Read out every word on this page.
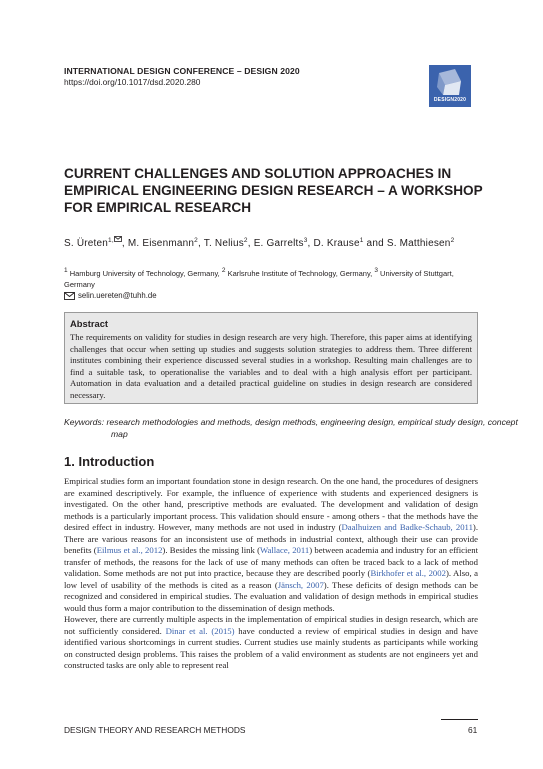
INTERNATIONAL DESIGN CONFERENCE – DESIGN 2020
https://doi.org/10.1017/dsd.2020.280
DESIGN2020
CURRENT CHALLENGES AND SOLUTION APPROACHES IN EMPIRICAL ENGINEERING DESIGN RESEARCH – A WORKSHOP FOR EMPIRICAL RESEARCH
S. Üreten$^{1,}$ , M. Eisenmann$^2$, T. Nelius$^2$, E. Garrelts$^3$, D. Krause$^1$ and S. Matthiesen$^2$
$^1$ Hamburg University of Technology, Germany, $^2$ Karlsruhe Institute of Technology, Germany, $^3$ University of Stuttgart, Germany
selin.uereten@tuhh.de
Abstract
The requirements on validity for studies in design research are very high. Therefore, this paper aims at identifying challenges that occur when setting up studies and suggests solution strategies to address them. Three different institutes combining their experience discussed several studies in a workshop. Resulting main challenges are to find a suitable task, to operationalise the variables and to deal with a high analysis effort per participant. Automation in data evaluation and a detailed practical guideline on studies in design research are considered necessary.
Keywords: research methodologies and methods, design methods, engineering design, empirical study design, concept map
1. Introduction

Empirical studies form an important foundation stone in design research. On the one hand, the procedures of designers are examined descriptively. For example, the influence of experience with students and experienced designers is investigated. On the other hand, prescriptive methods are evaluated. The development and validation of design methods is a particularly important process. This validation should ensure - among others - that the methods have the desired effect in industry. However, many methods are not used in industry (Daalhuizen and Badke-Schaub, 2011). There are various reasons for an inconsistent use of methods in industrial context, although their use can provide benefits (Eilmus et al., 2012). Besides the missing link (Wallace, 2011) between academia and industry for an efficient transfer of methods, the reasons for the lack of use of many methods can often be traced back to a lack of method validation. Some methods are not put into practice, because they are described poorly (Birkhofer et al., 2002). Also, a low level of usability of the methods is cited as a reason (Jänsch, 2007). These deficits of design methods can be recognized and considered in empirical studies. The evaluation and validation of design methods in empirical studies would thus form a major contribution to the dissemination of design methods.

However, there are currently multiple aspects in the implementation of empirical studies in design research, which are not sufficiently considered. Dinar et al. (2015) have conducted a review of empirical studies in design and have identified various shortcomings in current studies. Current studies use mainly students as participants while working on constructed design problems. This raises the problem of a valid environment as students are not engineers yet and constructed tasks are only able to represent real

DESIGN THEORY AND RESEARCH METHODS	61
